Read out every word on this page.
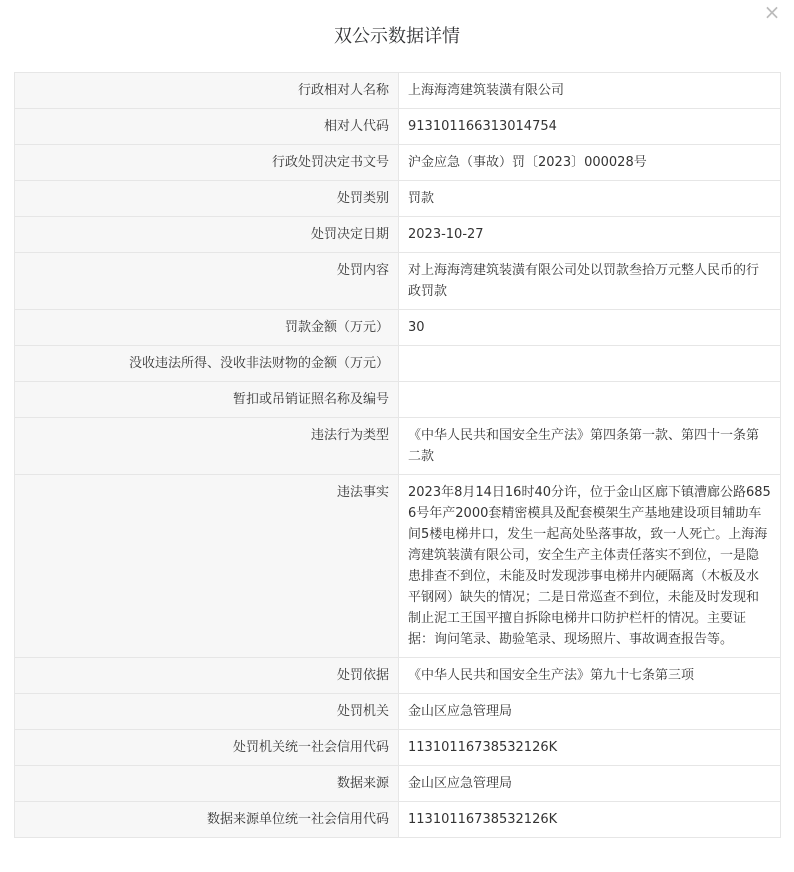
双公示数据详情
×
行政相对人名称	上海海湾建筑装潢有限公司
相对人代码	913101166313014754
行政处罚决定书文号	沪金应急（事故）罚〔2023〕000028号
处罚类别	罚款
处罚决定日期	2023-10-27
处罚内容	对上海海湾建筑装潢有限公司处以罚款叁拾万元整人民币的行政罚款
罚款金额（万元）	30
没收违法所得、没收非法财物的金额（万元）	
暂扣或吊销证照名称及编号	
违法行为类型	《中华人民共和国安全生产法》第四条第一款、第四十一条第二款
违法事实	2023年8月14日16时40分许，位于金山区廊下镇漕廊公路6856号年产2000套精密模具及配套模架生产基地建设项目辅助车间5楼电梯井口，发生一起高处坠落事故，致一人死亡。上海海湾建筑装潢有限公司，安全生产主体责任落实不到位，一是隐患排查不到位，未能及时发现涉事电梯井内硬隔离（木板及水平钢网）缺失的情况；二是日常巡查不到位，未能及时发现和制止泥工王国平擅自拆除电梯井口防护栏杆的情况。主要证据：询问笔录、勘验笔录、现场照片、事故调查报告等。
处罚依据	《中华人民共和国安全生产法》第九十七条第三项
处罚机关	金山区应急管理局
处罚机关统一社会信用代码	11310116738532126K
数据来源	金山区应急管理局
数据来源单位统一社会信用代码	11310116738532126K
